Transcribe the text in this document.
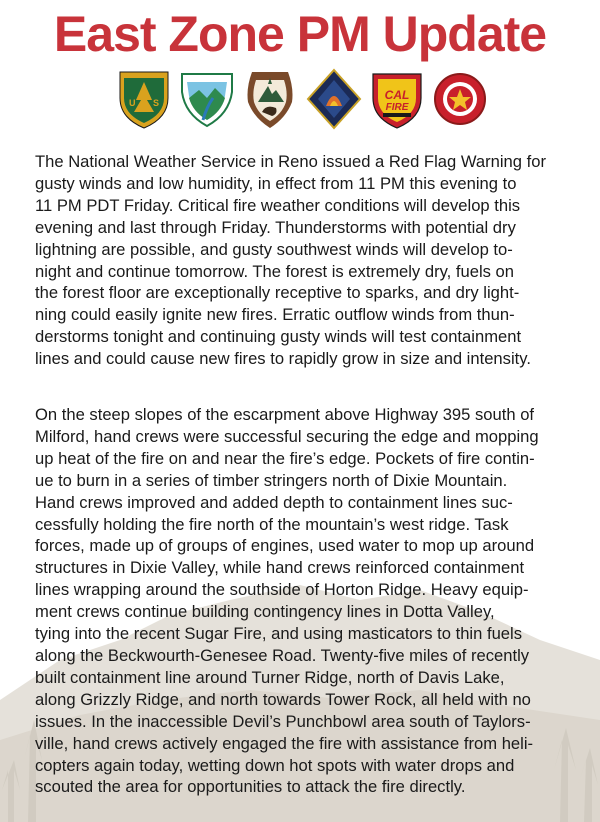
East Zone PM Update
U S
CAL
FIRE
The National Weather Service in Reno issued a Red Flag Warning for
gusty winds and low humidity, in effect from 11 PM this evening to
11 PM PDT Friday. Critical fire weather conditions will develop this
evening and last through Friday. Thunderstorms with potential dry
lightning are possible, and gusty southwest winds will develop to-
night and continue tomorrow. The forest is extremely dry, fuels on
the forest floor are exceptionally receptive to sparks, and dry light-
ning could easily ignite new fires. Erratic outflow winds from thun-
derstorms tonight and continuing gusty winds will test containment
lines and could cause new fires to rapidly grow in size and intensity.
On the steep slopes of the escarpment above Highway 395 south of
Milford, hand crews were successful securing the edge and mopping
up heat of the fire on and near the fire’s edge. Pockets of fire contin-
ue to burn in a series of timber stringers north of Dixie Mountain.
Hand crews improved and added depth to containment lines suc-
cessfully holding the fire north of the mountain’s west ridge. Task
forces, made up of groups of engines, used water to mop up around
structures in Dixie Valley, while hand crews reinforced containment
lines wrapping around the southside of Horton Ridge. Heavy equip-
ment crews continue building contingency lines in Dotta Valley,
tying into the recent Sugar Fire, and using masticators to thin fuels
along the Beckwourth-Genesee Road. Twenty-five miles of recently
built containment line around Turner Ridge, north of Davis Lake,
along Grizzly Ridge, and north towards Tower Rock, all held with no
issues. In the inaccessible Devil’s Punchbowl area south of Taylors-
ville, hand crews actively engaged the fire with assistance from heli-
copters again today, wetting down hot spots with water drops and
scouted the area for opportunities to attack the fire directly.
